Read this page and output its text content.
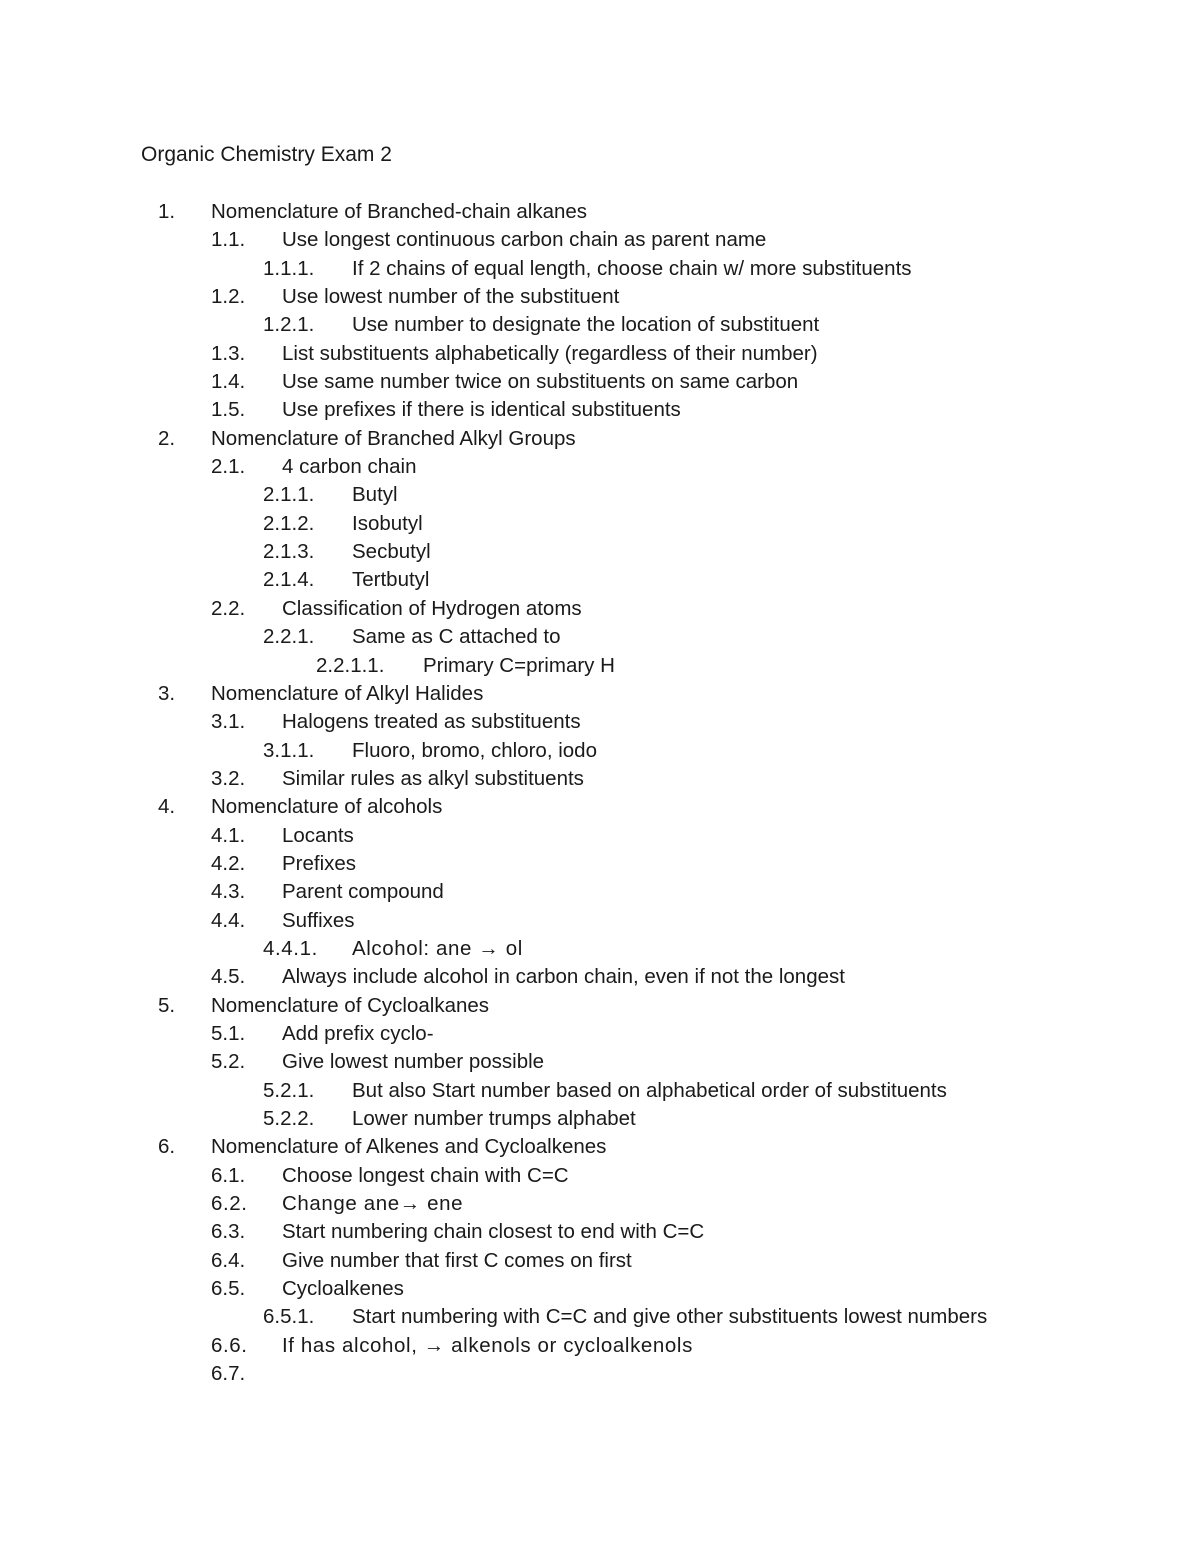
Organic Chemistry Exam 2
1. Nomenclature of Branched-chain alkanes
1.1. Use longest continuous carbon chain as parent name
1.1.1. If 2 chains of equal length, choose chain w/ more substituents
1.2. Use lowest number of the substituent
1.2.1. Use number to designate the location of substituent
1.3. List substituents alphabetically (regardless of their number)
1.4. Use same number twice on substituents on same carbon
1.5. Use prefixes if there is identical substituents
2. Nomenclature of Branched Alkyl Groups
2.1. 4 carbon chain
2.1.1. Butyl
2.1.2. Isobutyl
2.1.3. Secbutyl
2.1.4. Tertbutyl
2.2. Classification of Hydrogen atoms
2.2.1. Same as C attached to
2.2.1.1. Primary C=primary H
3. Nomenclature of Alkyl Halides
3.1. Halogens treated as substituents
3.1.1. Fluoro, bromo, chloro, iodo
3.2. Similar rules as alkyl substituents
4. Nomenclature of alcohols
4.1. Locants
4.2. Prefixes
4.3. Parent compound
4.4. Suffixes
4.4.1. Alcohol: ane → ol
4.5. Always include alcohol in carbon chain, even if not the longest
5. Nomenclature of Cycloalkanes
5.1. Add prefix cyclo-
5.2. Give lowest number possible
5.2.1. But also Start number based on alphabetical order of substituents
5.2.2. Lower number trumps alphabet
6. Nomenclature of Alkenes and Cycloalkenes
6.1. Choose longest chain with C=C
6.2. Change ane→ ene
6.3. Start numbering chain closest to end with C=C
6.4. Give number that first C comes on first
6.5. Cycloalkenes
6.5.1. Start numbering with C=C and give other substituents lowest numbers
6.6. If has alcohol, → alkenols or cycloalkenols
6.7.
